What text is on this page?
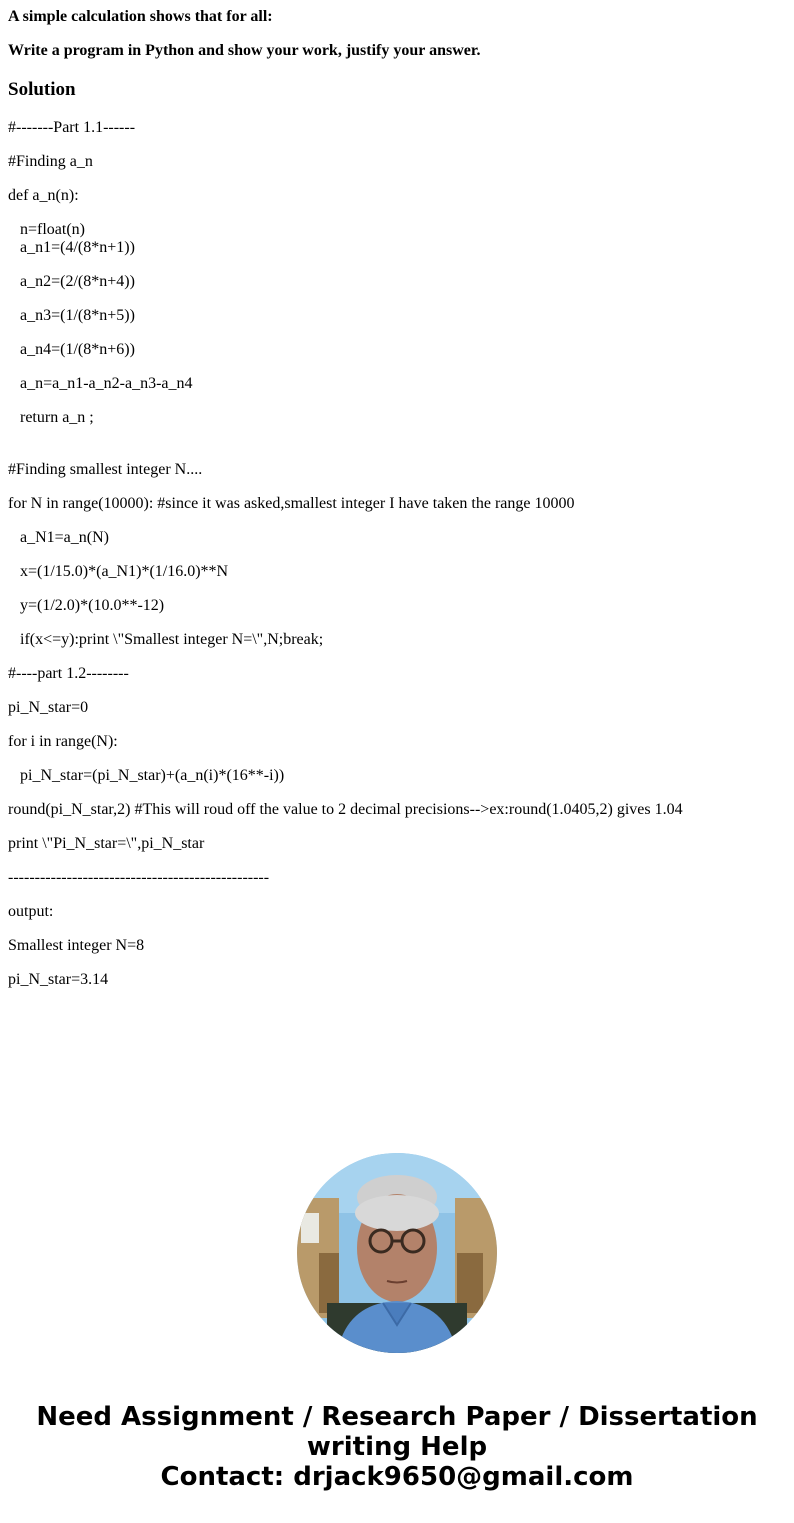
A simple calculation shows that for all:

Write a program in Python and show your work, justify your answer.

Solution

#-------Part 1.1------

#Finding a_n

def a_n(n):

n=float(n)

a_n1=(4/(8*n+1))

a_n2=(2/(8*n+4))

a_n3=(1/(8*n+5))

a_n4=(1/(8*n+6))

a_n=a_n1-a_n2-a_n3-a_n4

return a_n ;

#Finding smallest integer N....

for N in range(10000): #since it was asked,smallest integer I have taken the range 10000

a_N1=a_n(N)

x=(1/15.0)*(a_N1)*(1/16.0)**N

y=(1/2.0)*(10.0**-12)

if(x<=y):print \"Smallest integer N=\",N;break;

#----part 1.2--------

pi_N_star=0

for i in range(N):

pi_N_star=(pi_N_star)+(a_n(i)*(16**-i))

round(pi_N_star,2) #This will roud off the value to 2 decimal precisions-->ex:round(1.0405,2) gives 1.04

print \"Pi_N_star=\",pi_N_star

-------------------------------------------------

output:

Smallest integer N=8

pi_N_star=3.14

Need Assignment / Research Paper / Dissertation
writing Help
Contact: drjack9650@gmail.com
